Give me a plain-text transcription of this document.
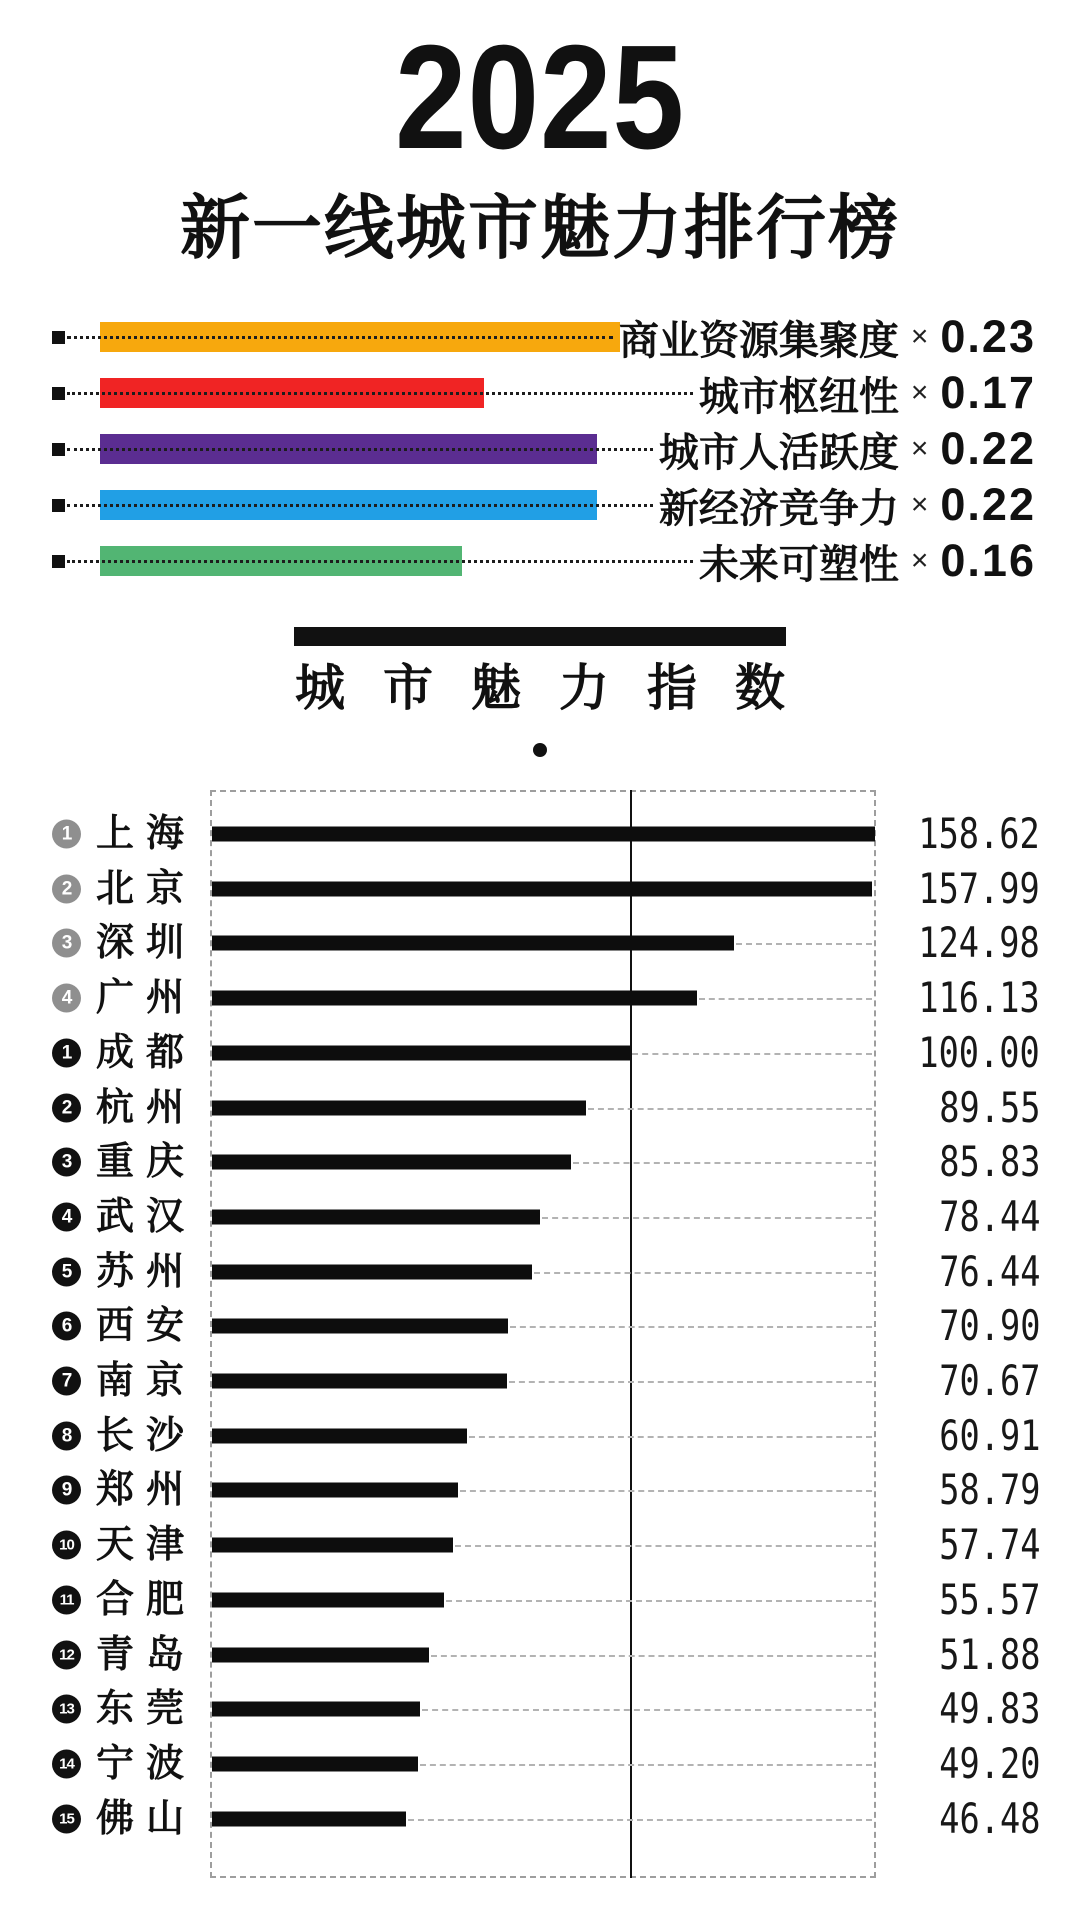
2025
新一线城市魅力排行榜
商业资源集聚度 × 0.23
城市枢纽性 × 0.17
城市人活跃度 × 0.22
新经济竞争力 × 0.22
未来可塑性 × 0.16
城市魅力指数
1 上海	158.62
2 北京	157.99
3 深圳	124.98
4 广州	116.13
1 成都	100.00
2 杭州	89.55
3 重庆	85.83
4 武汉	78.44
5 苏州	76.44
6 西安	70.90
7 南京	70.67
8 长沙	60.91
9 郑州	58.79
10 天津	57.74
11 合肥	55.57
12 青岛	51.88
13 东莞	49.83
14 宁波	49.20
15 佛山	46.48
